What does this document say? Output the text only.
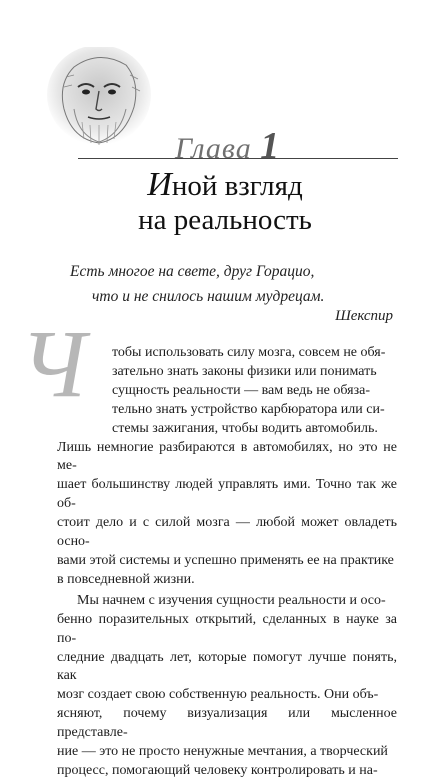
Глава 1
Иной взгляд
на реальность
Есть многое на свете, друг Горацио,
что и не снилось нашим мудрецам.
Шекспир
Ч	тобы использовать силу мозга, совсем не обя-
зательно знать законы физики или понимать
сущность реальности — вам ведь не обяза-
тельно знать устройство карбюратора или си-
стемы зажигания, чтобы водить автомобиль.
Лишь немногие разбираются в автомобилях, но это не ме-
шает большинству людей управлять ими. Точно так же об-
стоит дело и с силой мозга — любой может овладеть осно-
вами этой системы и успешно применять ее на практике
в повседневной жизни.

Мы начнем с изучения сущности реальности и осо-
бенно поразительных открытий, сделанных в науке за по-
следние двадцать лет, которые помогут лучше понять, как
мозг создает свою собственную реальность. Они объ-
ясняют, почему визуализация или мысленное представле-
ние — это не просто ненужные мечтания, а творческий
процесс, помогающий человеку контролировать и на-
